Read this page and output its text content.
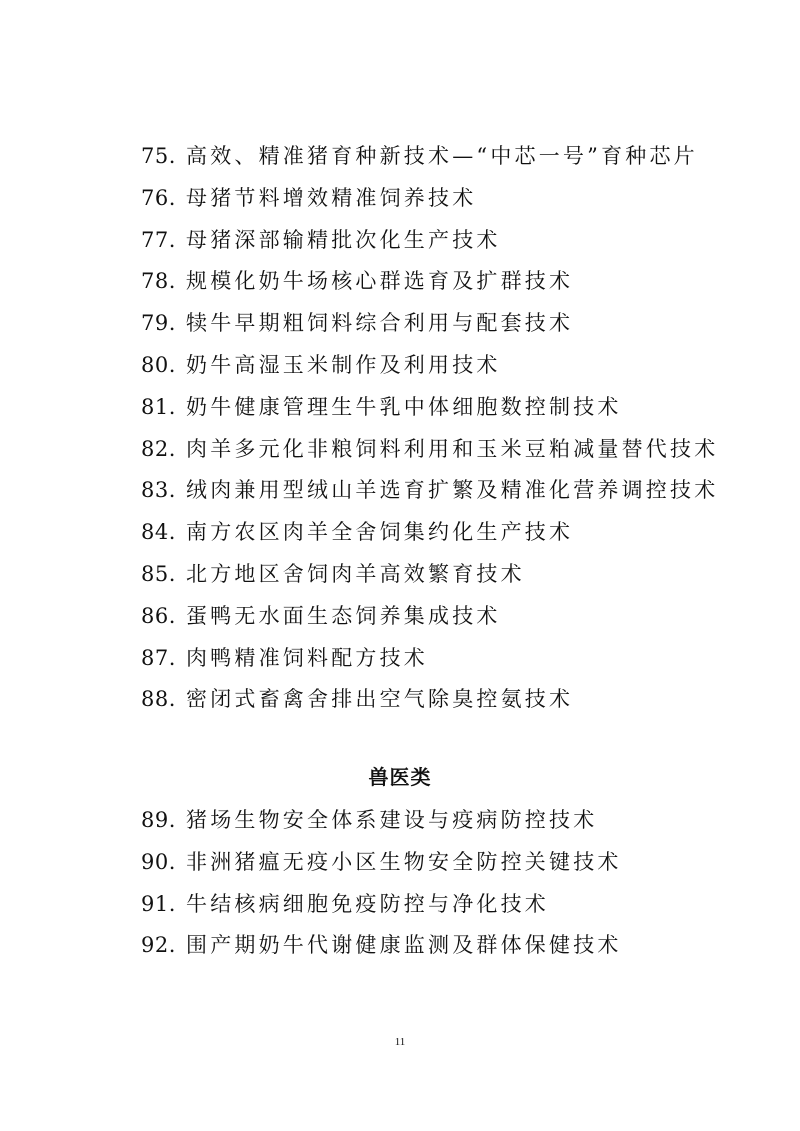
75. 高效、精准猪育种新技术—“中芯一号”育种芯片
76. 母猪节料增效精准饲养技术
77. 母猪深部输精批次化生产技术
78. 规模化奶牛场核心群选育及扩群技术
79. 犊牛早期粗饲料综合利用与配套技术
80. 奶牛高湿玉米制作及利用技术
81. 奶牛健康管理生牛乳中体细胞数控制技术
82. 肉羊多元化非粮饲料利用和玉米豆粕减量替代技术
83. 绒肉兼用型绒山羊选育扩繁及精准化营养调控技术
84. 南方农区肉羊全舍饲集约化生产技术
85. 北方地区舍饲肉羊高效繁育技术
86. 蛋鸭无水面生态饲养集成技术
87. 肉鸭精准饲料配方技术
88. 密闭式畜禽舍排出空气除臭控氨技术
兽医类
89. 猪场生物安全体系建设与疫病防控技术
90. 非洲猪瘟无疫小区生物安全防控关键技术
91. 牛结核病细胞免疫防控与净化技术
92. 围产期奶牛代谢健康监测及群体保健技术
11
